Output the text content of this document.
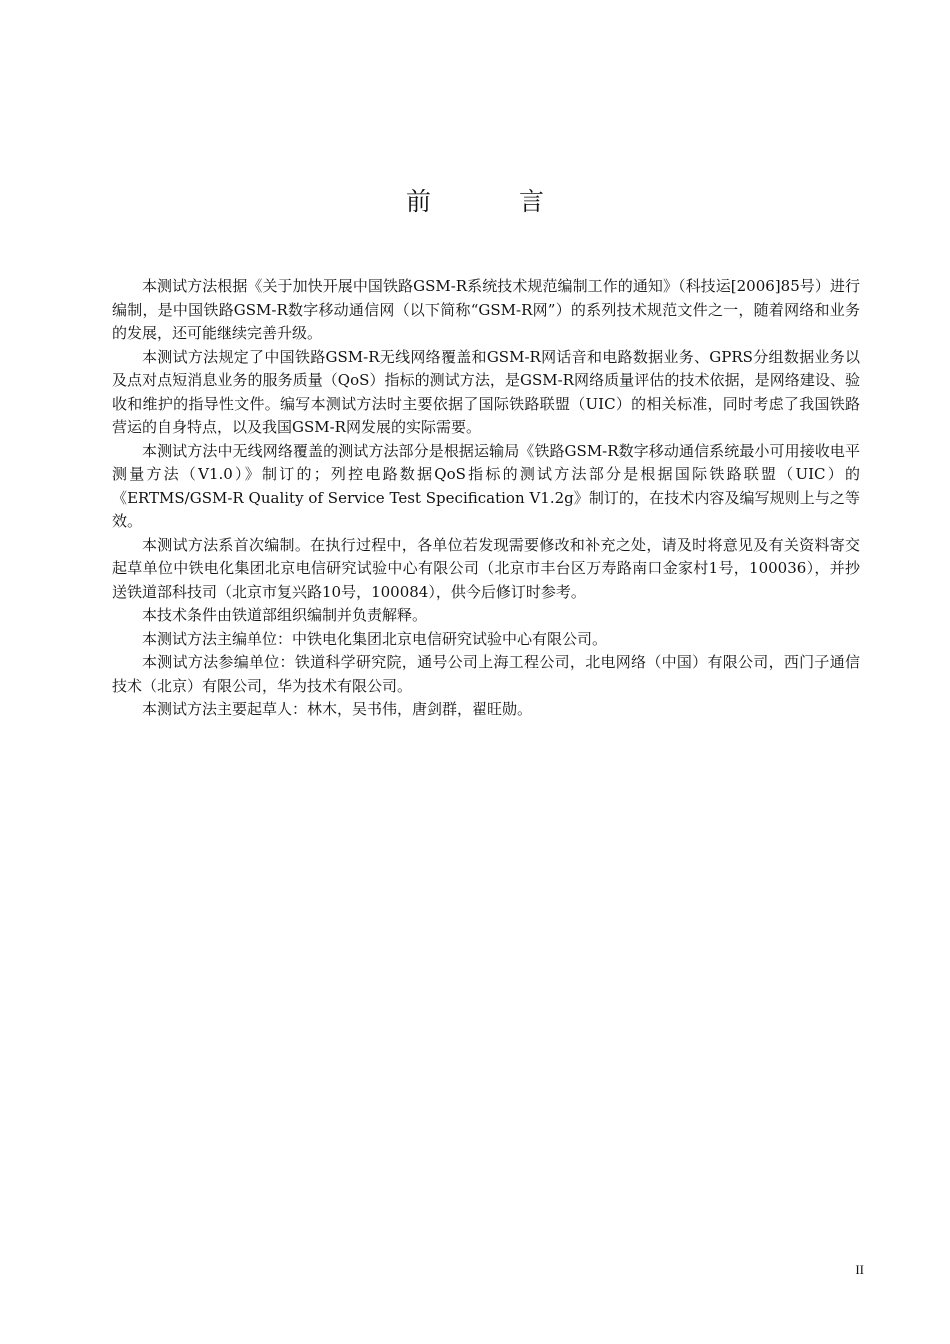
前 言

本测试方法根据《关于加快开展中国铁路GSM-R系统技术规范编制工作的通知》（科技运[2006]85号）进行编制，是中国铁路GSM-R数字移动通信网（以下简称“GSM-R网”）的系列技术规范文件之一，随着网络和业务的发展，还可能继续完善升级。

本测试方法规定了中国铁路GSM-R无线网络覆盖和GSM-R网话音和电路数据业务、GPRS分组数据业务以及点对点短消息业务的服务质量（QoS）指标的测试方法，是GSM-R网络质量评估的技术依据，是网络建设、验收和维护的指导性文件。编写本测试方法时主要依据了国际铁路联盟（UIC）的相关标准，同时考虑了我国铁路营运的自身特点，以及我国GSM-R网发展的实际需要。

本测试方法中无线网络覆盖的测试方法部分是根据运输局《铁路GSM-R数字移动通信系统最小可用接收电平测量方法（V1.0）》制订的；列控电路数据QoS指标的测试方法部分是根据国际铁路联盟（UIC）的《ERTMS/GSM-R Quality of Service Test Specification V1.2g》制订的，在技术内容及编写规则上与之等效。

本测试方法系首次编制。在执行过程中，各单位若发现需要修改和补充之处，请及时将意见及有关资料寄交起草单位中铁电化集团北京电信研究试验中心有限公司（北京市丰台区万寿路南口金家村1号，100036），并抄送铁道部科技司（北京市复兴路10号，100084），供今后修订时参考。

本技术条件由铁道部组织编制并负责解释。

本测试方法主编单位：中铁电化集团北京电信研究试验中心有限公司。

本测试方法参编单位：铁道科学研究院，通号公司上海工程公司，北电网络（中国）有限公司，西门子通信技术（北京）有限公司，华为技术有限公司。

本测试方法主要起草人：林木，吴书伟，唐剑群，翟旺勋。

II
